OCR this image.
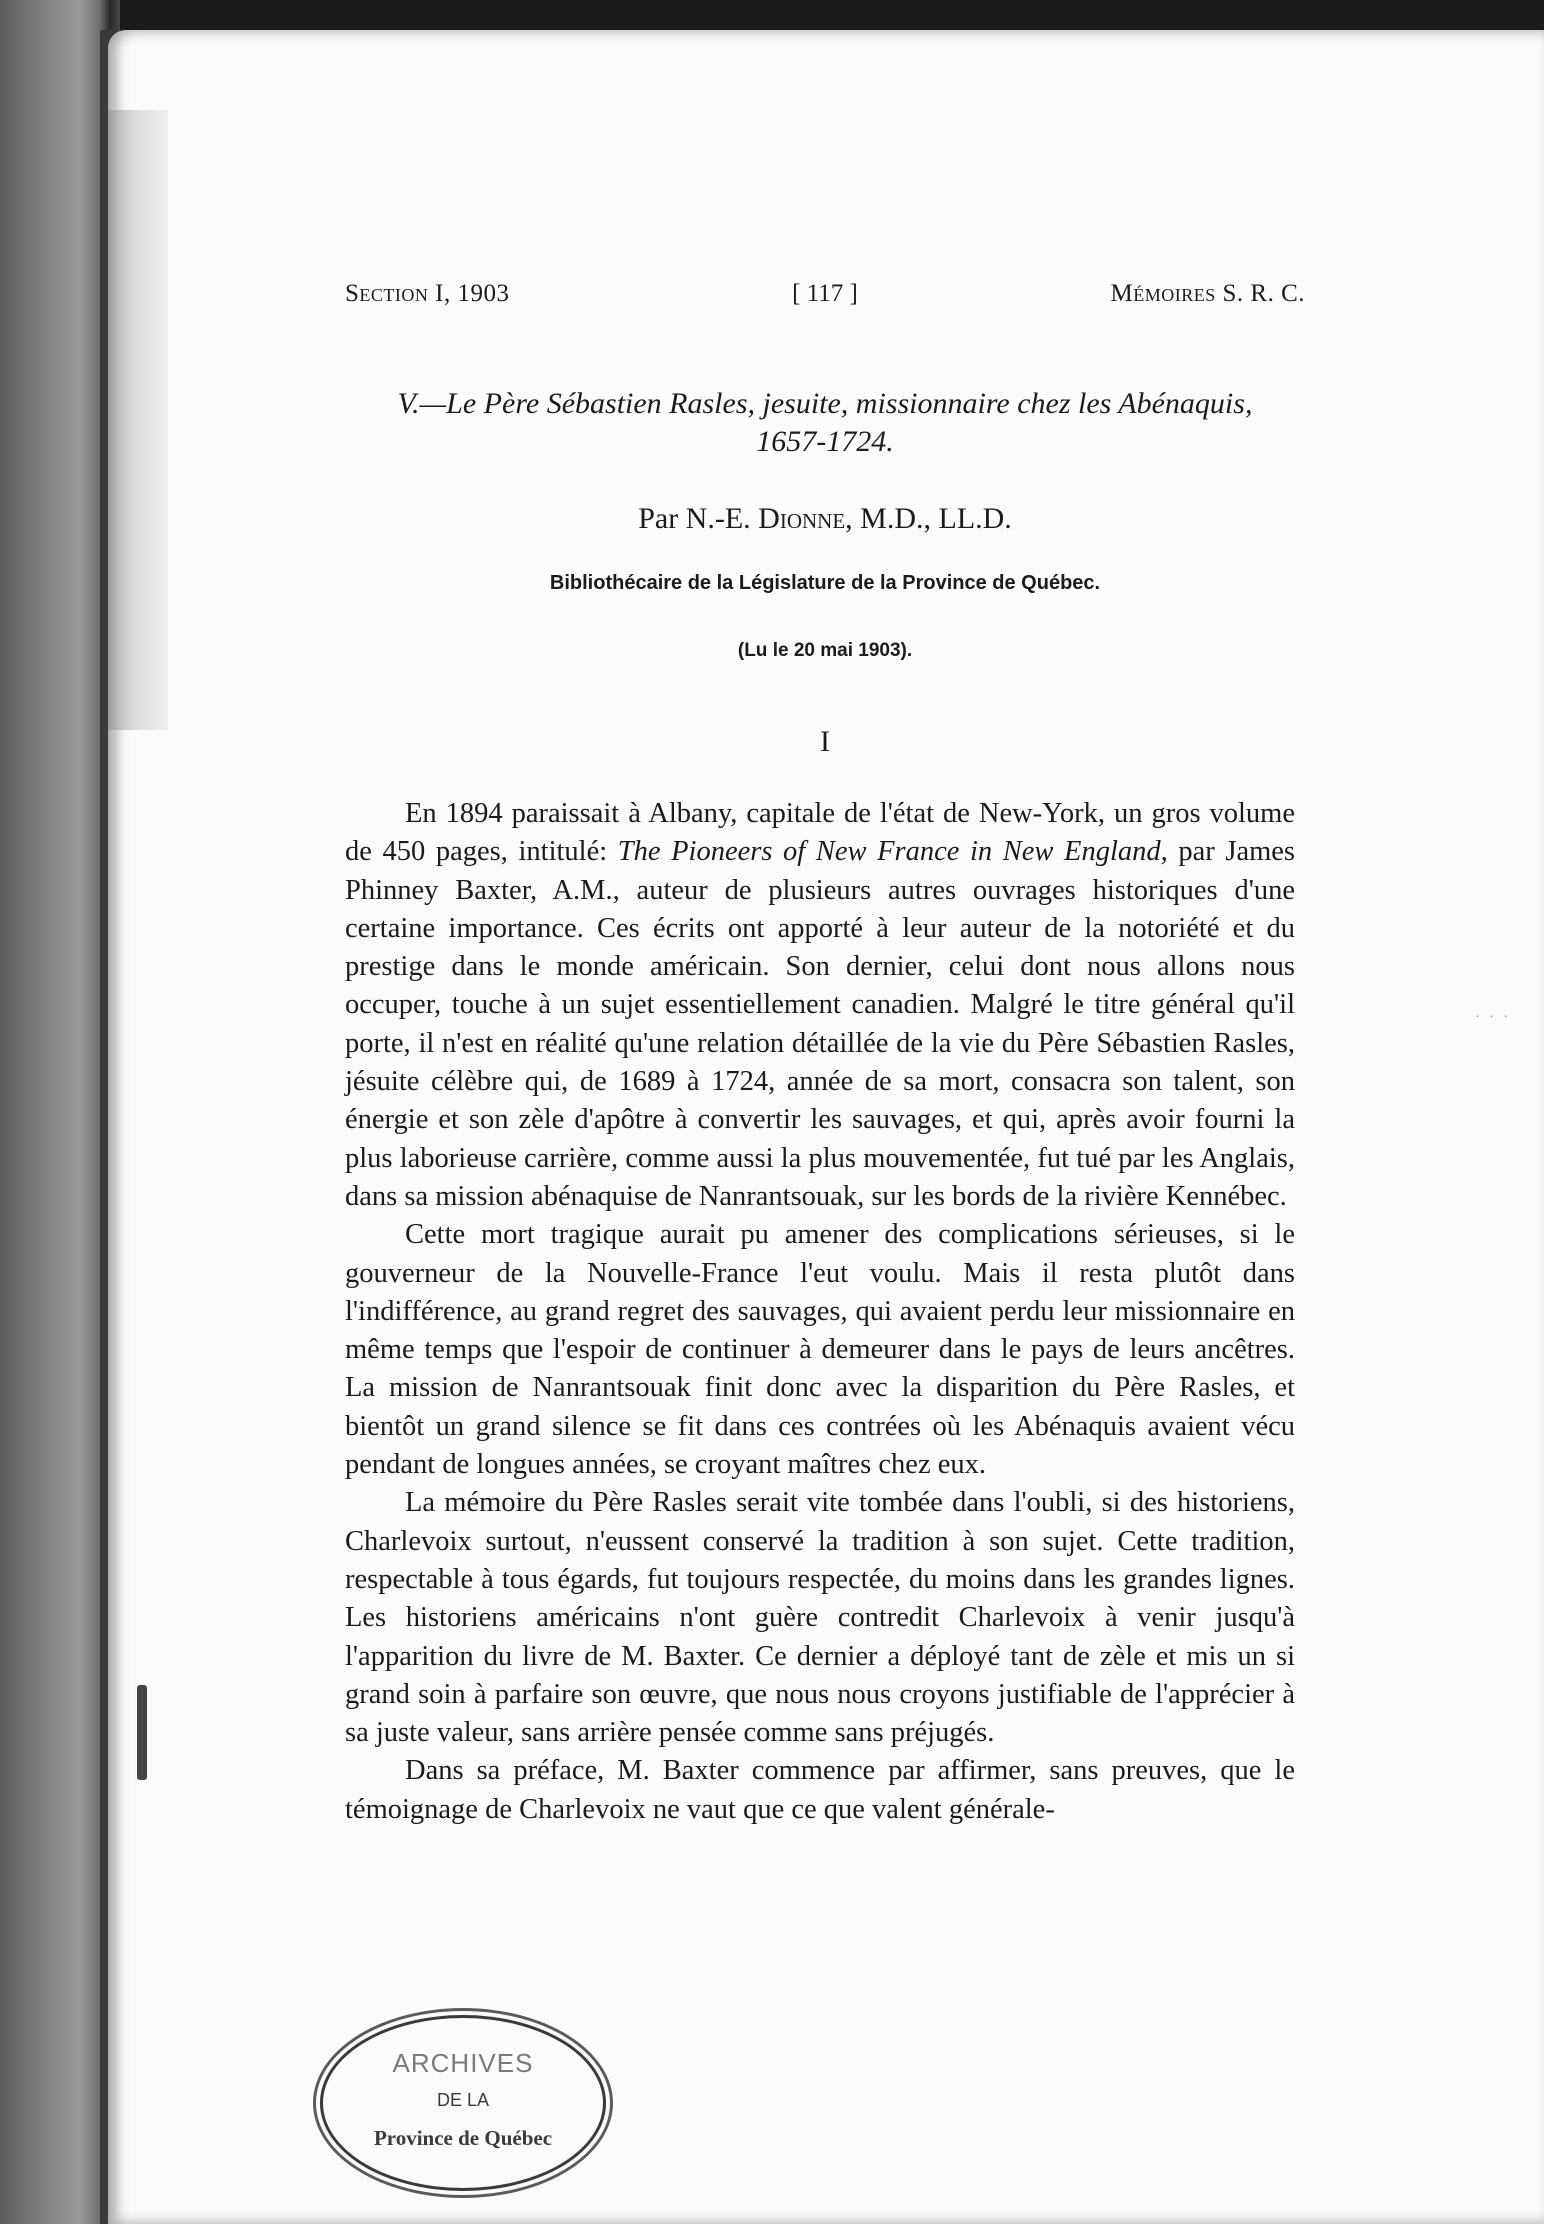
· · ·
Section I, 1903	[ 117 ]	Mémoires S. R. C.
V.—Le Père Sébastien Rasles, jesuite, missionnaire chez les Abénaquis,
1657-1724.
Par N.-E. Dionne, M.D., LL.D.
Bibliothécaire de la Législature de la Province de Québec.
(Lu le 20 mai 1903).
I

En 1894 paraissait à Albany, capitale de l'état de New-York, un gros volume de 450 pages, intitulé: The Pioneers of New France in New England, par James Phinney Baxter, A.M., auteur de plusieurs autres ouvrages historiques d'une certaine importance. Ces écrits ont apporté à leur auteur de la notoriété et du prestige dans le monde américain. Son dernier, celui dont nous allons nous occuper, touche à un sujet essentiellement canadien. Malgré le titre général qu'il porte, il n'est en réalité qu'une relation détaillée de la vie du Père Sébastien Rasles, jésuite célèbre qui, de 1689 à 1724, année de sa mort, consacra son talent, son énergie et son zèle d'apôtre à convertir les sauvages, et qui, après avoir fourni la plus laborieuse carrière, comme aussi la plus mouvementée, fut tué par les Anglais, dans sa mission abénaquise de Nanrantsouak, sur les bords de la rivière Kennébec.

Cette mort tragique aurait pu amener des complications sérieuses, si le gouverneur de la Nouvelle-France l'eut voulu. Mais il resta plutôt dans l'indifférence, au grand regret des sauvages, qui avaient perdu leur missionnaire en même temps que l'espoir de continuer à demeurer dans le pays de leurs ancêtres. La mission de Nanrantsouak finit donc avec la disparition du Père Rasles, et bientôt un grand silence se fit dans ces contrées où les Abénaquis avaient vécu pendant de longues années, se croyant maîtres chez eux.

La mémoire du Père Rasles serait vite tombée dans l'oubli, si des historiens, Charlevoix surtout, n'eussent conservé la tradition à son sujet. Cette tradition, respectable à tous égards, fut toujours respectée, du moins dans les grandes lignes. Les historiens américains n'ont guère contredit Charlevoix à venir jusqu'à l'apparition du livre de M. Baxter. Ce dernier a déployé tant de zèle et mis un si grand soin à parfaire son œuvre, que nous nous croyons justifiable de l'apprécier à sa juste valeur, sans arrière pensée comme sans préjugés.

Dans sa préface, M. Baxter commence par affirmer, sans preuves, que le témoignage de Charlevoix ne vaut que ce que valent générale-

ARCHIVES
DE LA
Province de Québec
